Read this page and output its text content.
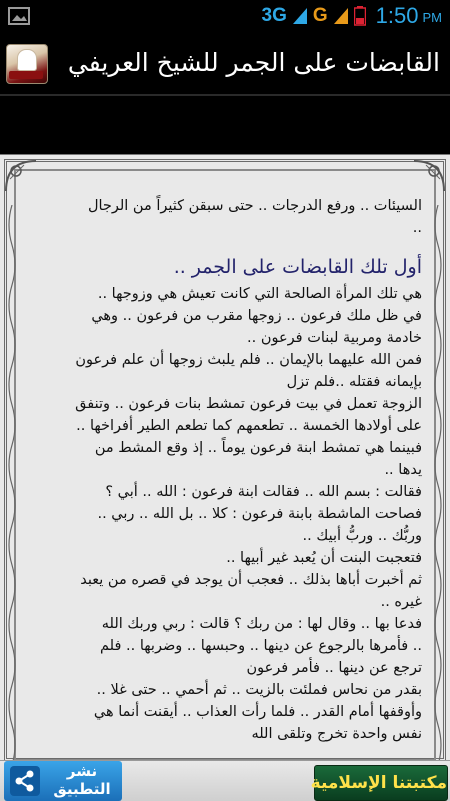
3G G 1:50 PM
القابضات على الجمر للشيخ العريفي

السيئات .. ورفع الدرجات .. حتى سبقن كثيراً من الرجال

..

أول تلك القابضات على الجمر ..

هي تلك المرأة الصالحة التي كانت تعيش هي وزوجها ..

في ظل ملك فرعون .. زوجها مقرب من فرعون .. وهي

خادمة ومربية لبنات فرعون ..

فمن الله عليهما بالإيمان .. فلم يلبث زوجها أن علم فرعون

بإيمانه فقتله ..فلم تزل

الزوجة تعمل في بيت فرعون تمشط بنات فرعون .. وتنفق

على أولادها الخمسة .. تطعمهم كما تطعم الطير أفراخها ..

فبينما هي تمشط ابنة فرعون يوماً .. إذ وقع المشط من

يدها ..

فقالت : بسم الله .. فقالت ابنة فرعون : الله .. أبي ؟

فصاحت الماشطة بابنة فرعون : كلا .. بل الله .. ربي ..

وربُّك .. وربُّ أبيك ..

فتعجبت البنت أن يُعبد غير أبيها ..

ثم أخبرت أباها بذلك .. فعجب أن يوجد في قصره من يعبد

غيره ..

فدعا بها .. وقال لها : من ربك ؟ قالت : ربي وربك الله

.. فأمرها بالرجوع عن دينها .. وحبسها .. وضربها .. فلم

ترجع عن دينها .. فأمر فرعون

بقدر من نحاس فملئت بالزيت .. ثم أحمي .. حتى غلا ..

وأوقفها أمام القدر .. فلما رأت العذاب .. أيقنت أنما هي

نفس واحدة تخرج وتلقى الله

نشر
التطبيق	مكتبتنا الإسلامية
